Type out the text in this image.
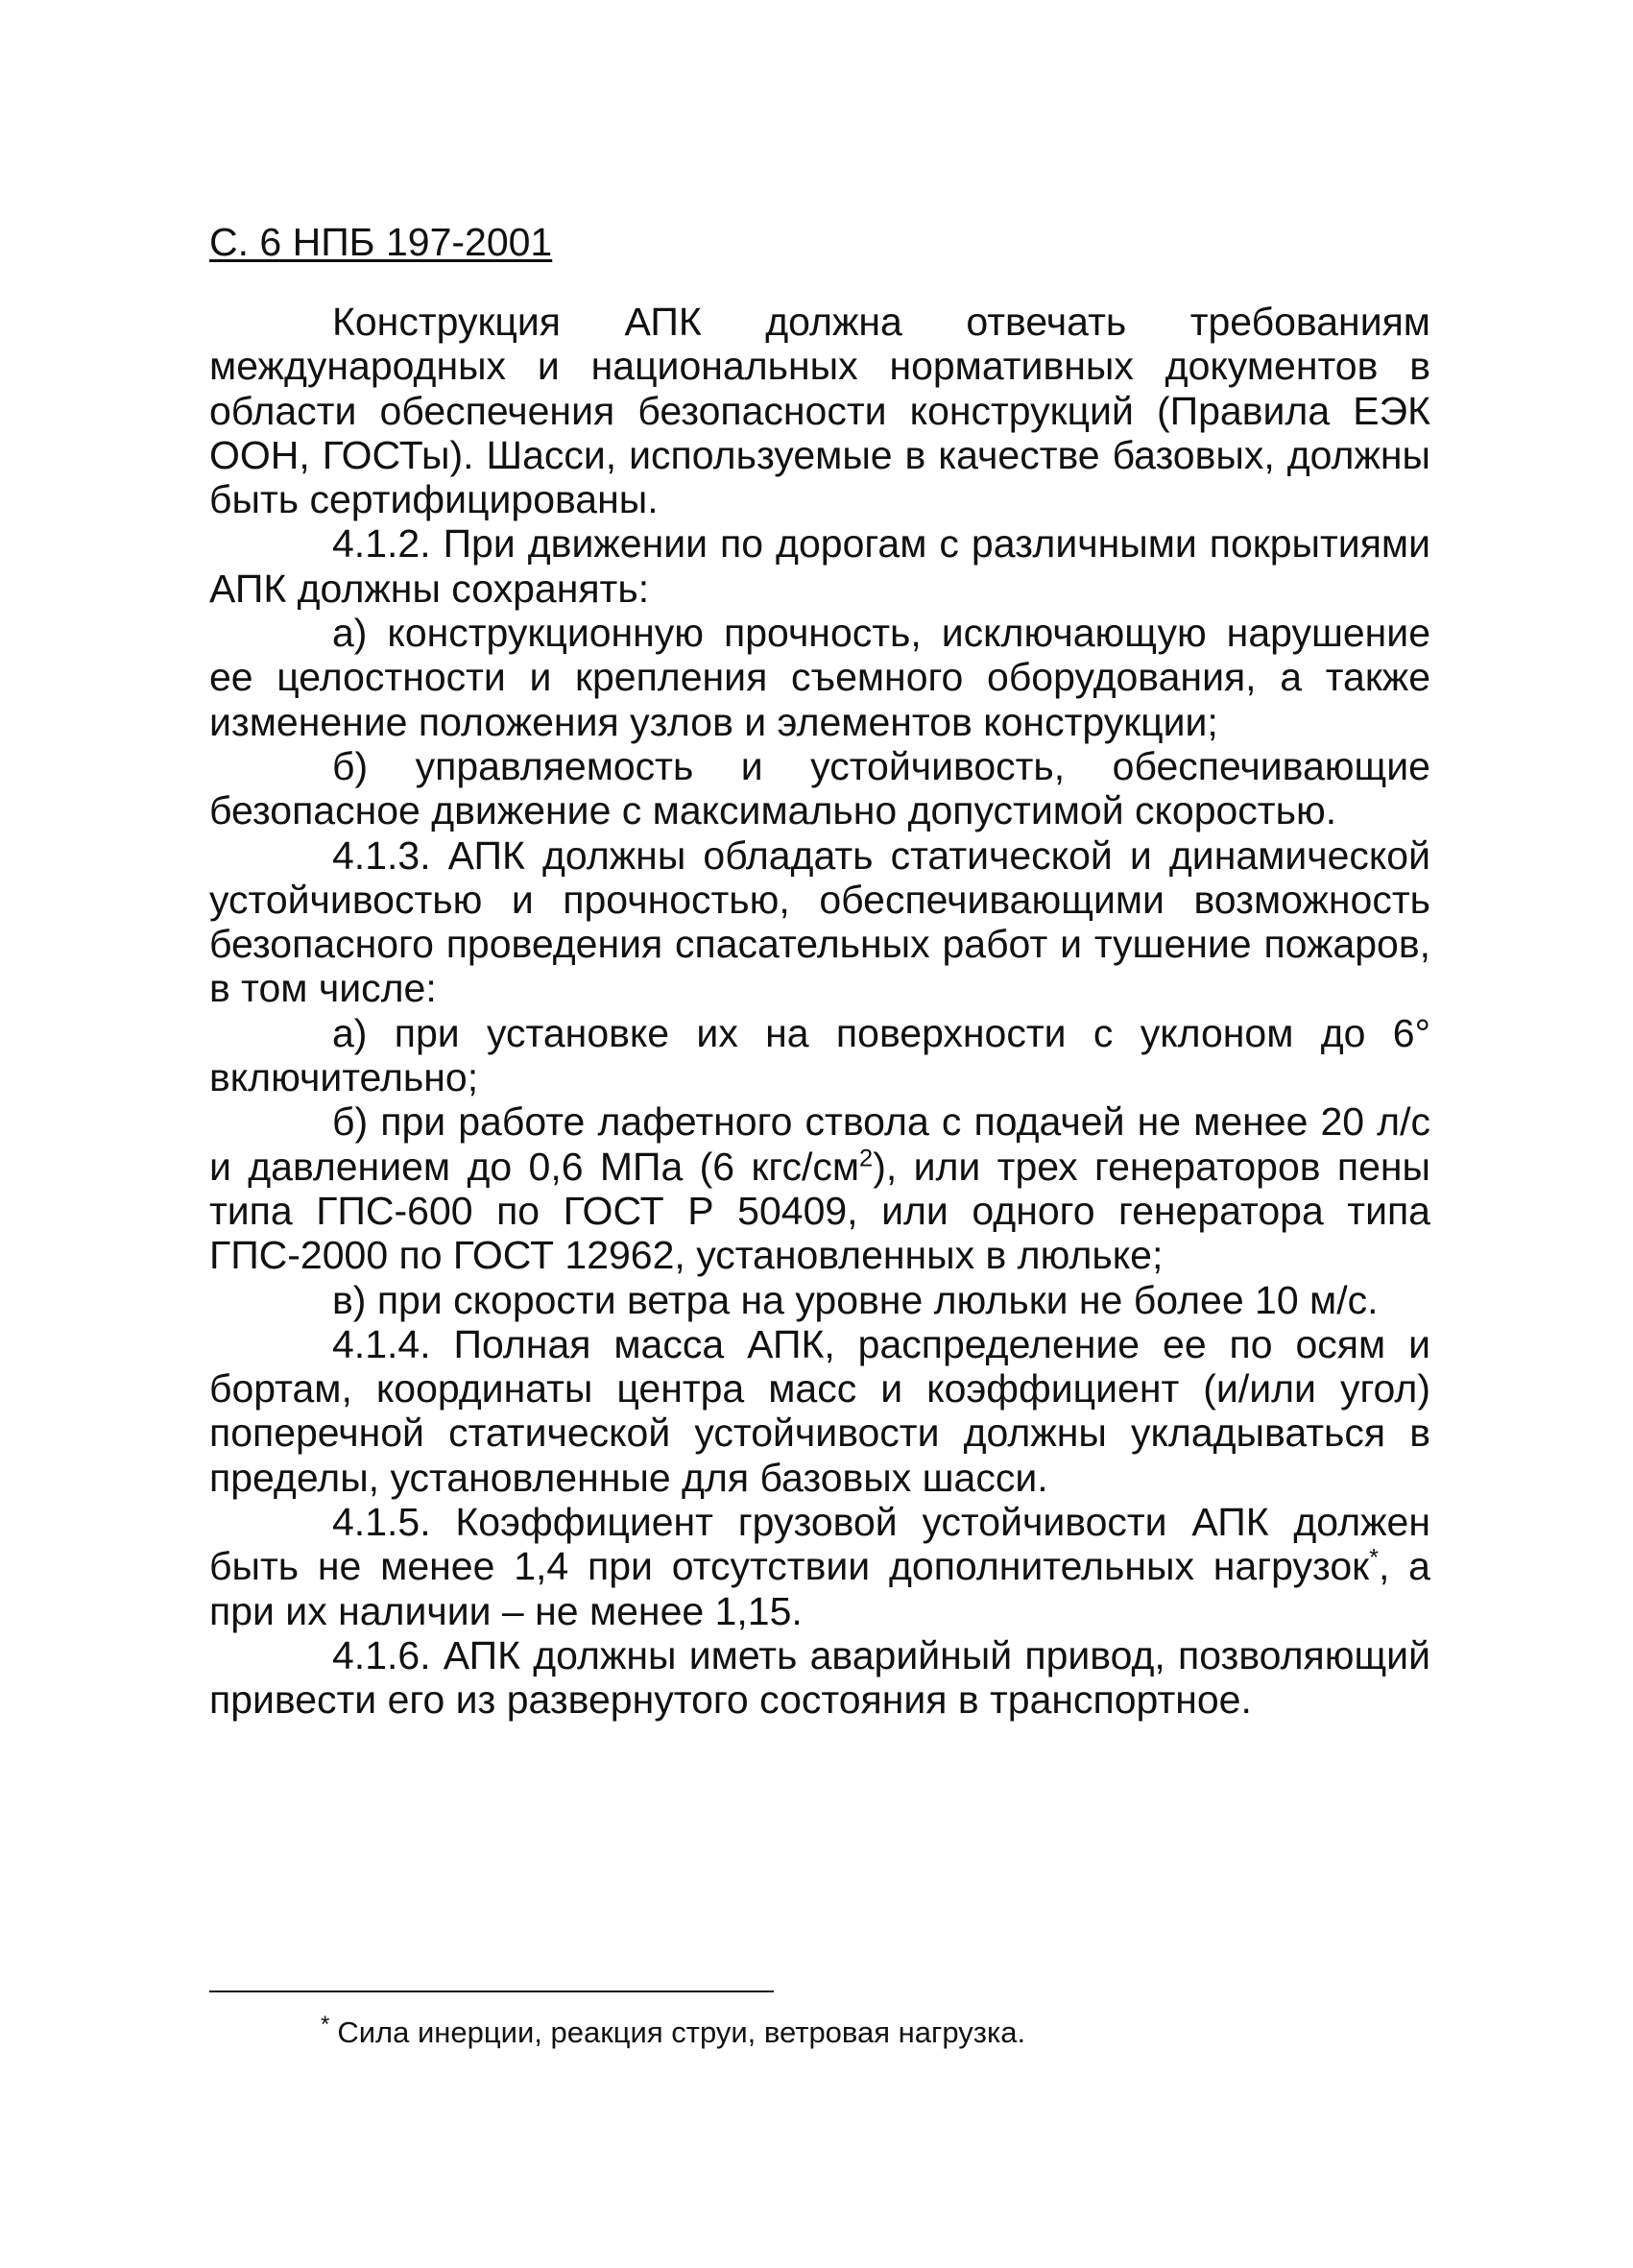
С. 6 НПБ 197-2001

Конструкция АПК должна отвечать требованиям международных и национальных нормативных документов в области обеспечения безопасности конструкций (Правила ЕЭК ООН, ГОСТы). Шасси, используемые в качестве базовых, должны быть сертифицированы.

4.1.2. При движении по дорогам с различными покрытиями АПК должны сохранять:

а) конструкционную прочность, исключающую нарушение ее целостности и крепления съемного оборудования, а также изменение положения узлов и элементов конструкции;

б) управляемость и устойчивость, обеспечивающие безопасное движение с максимально допустимой скоростью.

4.1.3. АПК должны обладать статической и динамической устойчивостью и прочностью, обеспечивающими возможность безопасного проведения спасательных работ и тушение пожаров, в том числе:

а) при установке их на поверхности с уклоном до 6° включительно;

б) при работе лафетного ствола с подачей не менее 20 л/с и давлением до 0,6 МПа (6 кгс/$см^2$), или трех генераторов пены типа ГПС-600 по ГОСТ Р 50409, или одного генератора типа ГПС-2000 по ГОСТ 12962, установленных в люльке;

в) при скорости ветра на уровне люльки не более 10 м/с.

4.1.4. Полная масса АПК, распределение ее по осям и бортам, координаты центра масс и коэффициент (и/или угол) поперечной статической устойчивости должны укладываться в пределы, установленные для базовых шасси.

4.1.5. Коэффициент грузовой устойчивости АПК должен быть не менее 1,4 при отсутствии дополнительных нагрузок*, а при их наличии – не менее 1,15.

4.1.6. АПК должны иметь аварийный привод, позволяющий привести его из развернутого состояния в транспортное.

* Сила инерции, реакция струи, ветровая нагрузка.
